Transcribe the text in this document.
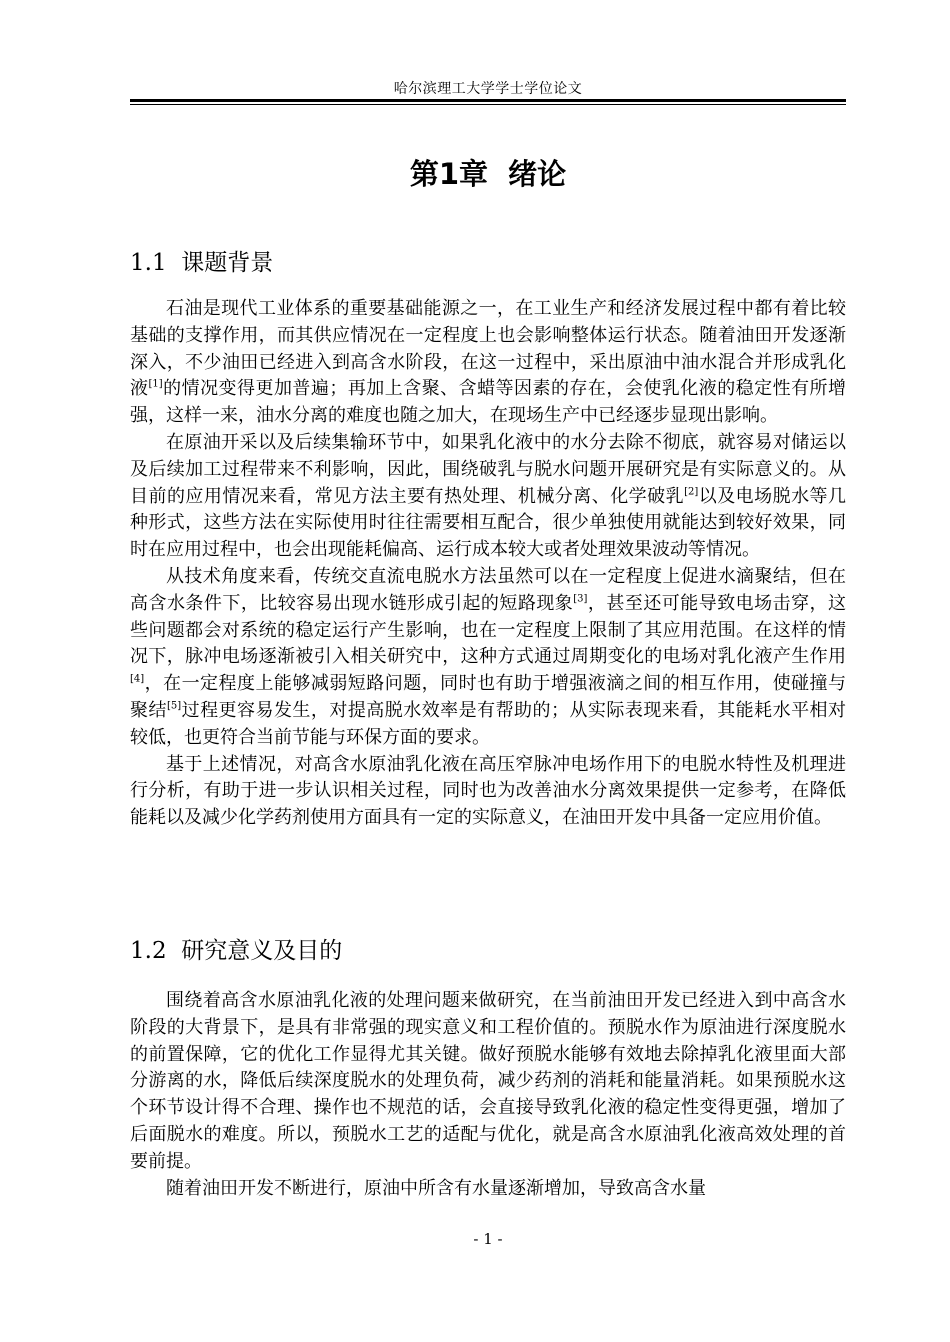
哈尔滨理工大学学士学位论文
第1章  绪论
1.1 课题背景

石油是现代工业体系的重要基础能源之一，在工业生产和经济发展过程中都有着比较基础的支撑作用，而其供应情况在一定程度上也会影响整体运行状态。随着油田开发逐渐深入，不少油田已经进入到高含水阶段，在这一过程中，采出原油中油水混合并形成乳化液[1]的情况变得更加普遍；再加上含聚、含蜡等因素的存在，会使乳化液的稳定性有所增强，这样一来，油水分离的难度也随之加大，在现场生产中已经逐步显现出影响。

在原油开采以及后续集输环节中，如果乳化液中的水分去除不彻底，就容易对储运以及后续加工过程带来不利影响，因此，围绕破乳与脱水问题开展研究是有实际意义的。从目前的应用情况来看，常见方法主要有热处理、机械分离、化学破乳[2]以及电场脱水等几种形式，这些方法在实际使用时往往需要相互配合，很少单独使用就能达到较好效果，同时在应用过程中，也会出现能耗偏高、运行成本较大或者处理效果波动等情况。

从技术角度来看，传统交直流电脱水方法虽然可以在一定程度上促进水滴聚结，但在高含水条件下，比较容易出现水链形成引起的短路现象[3]，甚至还可能导致电场击穿，这些问题都会对系统的稳定运行产生影响，也在一定程度上限制了其应用范围。在这样的情况下，脉冲电场逐渐被引入相关研究中，这种方式通过周期变化的电场对乳化液产生作用[4]，在一定程度上能够减弱短路问题，同时也有助于增强液滴之间的相互作用，使碰撞与聚结[5]过程更容易发生，对提高脱水效率是有帮助的；从实际表现来看，其能耗水平相对较低，也更符合当前节能与环保方面的要求。

基于上述情况，对高含水原油乳化液在高压窄脉冲电场作用下的电脱水特性及机理进行分析，有助于进一步认识相关过程，同时也为改善油水分离效果提供一定参考，在降低能耗以及减少化学药剂使用方面具有一定的实际意义，在油田开发中具备一定应用价值。

1.2 研究意义及目的

围绕着高含水原油乳化液的处理问题来做研究，在当前油田开发已经进入到中高含水阶段的大背景下，是具有非常强的现实意义和工程价值的。预脱水作为原油进行深度脱水的前置保障，它的优化工作显得尤其关键。做好预脱水能够有效地去除掉乳化液里面大部分游离的水，降低后续深度脱水的处理负荷，减少药剂的消耗和能量消耗。如果预脱水这个环节设计得不合理、操作也不规范的话，会直接导致乳化液的稳定性变得更强，增加了后面脱水的难度。所以，预脱水工艺的适配与优化，就是高含水原油乳化液高效处理的首要前提。

随着油田开发不断进行，原油中所含有水量逐渐增加，导致高含水量

- 1 -
